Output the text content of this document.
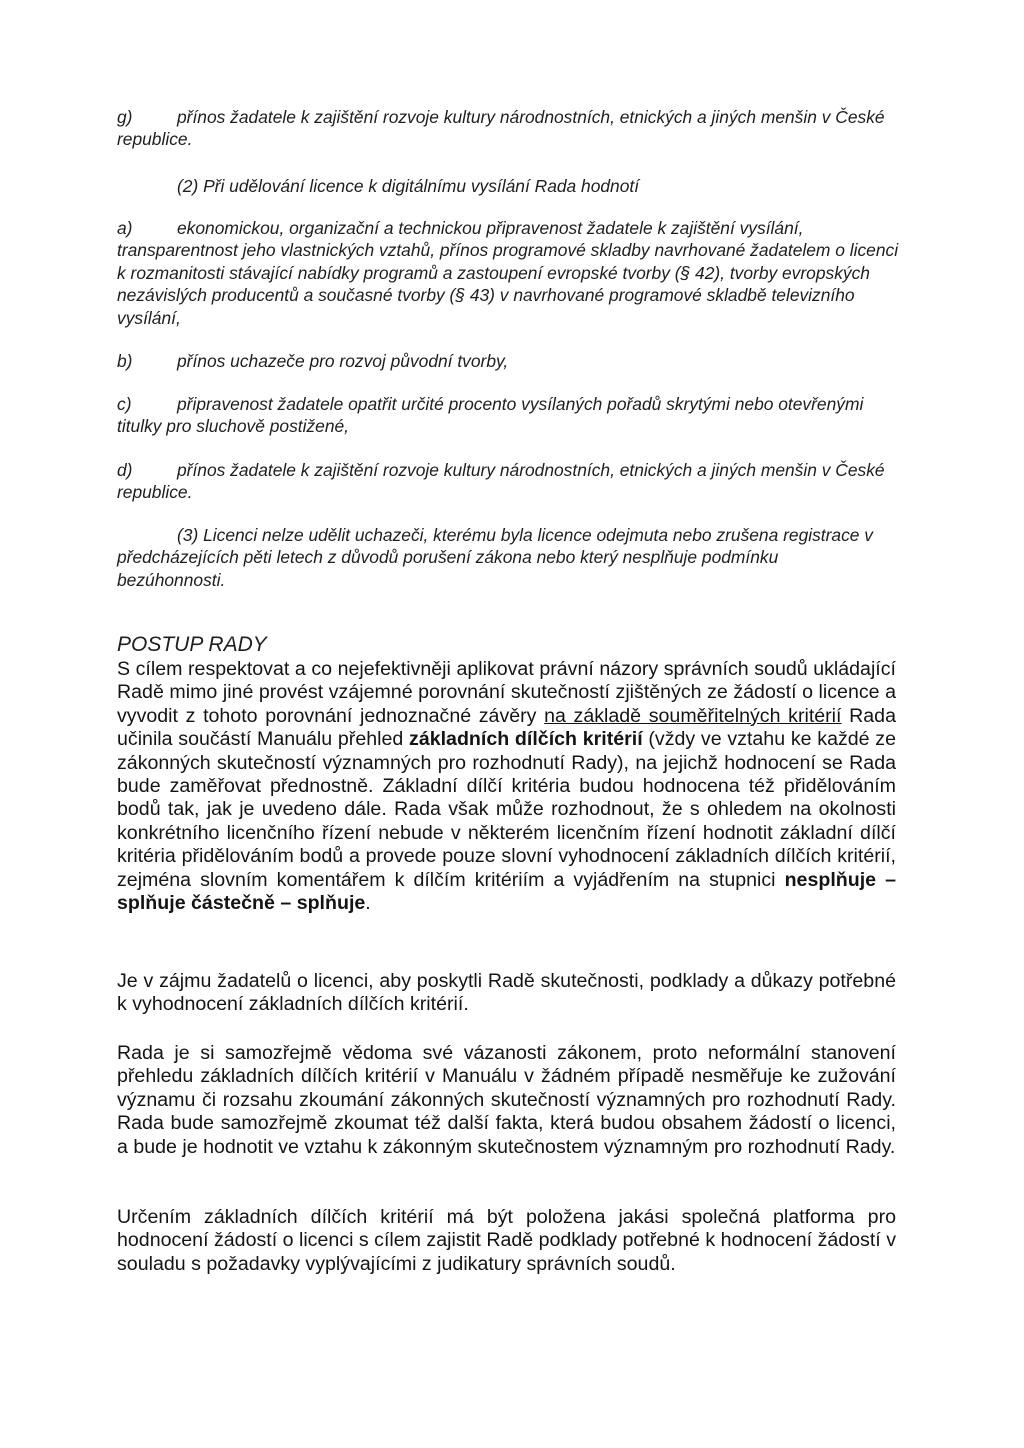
g)	přínos žadatele k zajištění rozvoje kultury národnostních, etnických a jiných menšin v České republice.
(2) Při udělování licence k digitálnímu vysílání Rada hodnotí
a)	ekonomickou, organizační a technickou připravenost žadatele k zajištění vysílání, transparentnost jeho vlastnických vztahů, přínos programové skladby navrhované žadatelem o licenci k rozmanitosti stávající nabídky programů a zastoupení evropské tvorby (§ 42), tvorby evropských nezávislých producentů a současné tvorby (§ 43) v navrhované programové skladbě televizního vysílání,
b)	přínos uchazeče pro rozvoj původní tvorby,
c)	připravenost žadatele opatřit určité procento vysílaných pořadů skrytými nebo otevřenými titulky pro sluchově postižené,
d)	přínos žadatele k zajištění rozvoje kultury národnostních, etnických a jiných menšin v České republice.
(3) Licenci nelze udělit uchazeči, kterému byla licence odejmuta nebo zrušena registrace v předcházejících pěti letech z důvodů porušení zákona nebo který nesplňuje podmínku bezúhonnosti.
POSTUP RADY

S cílem respektovat a co nejefektivněji aplikovat právní názory správních soudů ukládající Radě mimo jiné provést vzájemné porovnání skutečností zjištěných ze žádostí o licence a vyvodit z tohoto porovnání jednoznačné závěry na základě souměřitelných kritérií Rada učinila součástí Manuálu přehled základních dílčích kritérií (vždy ve vztahu ke každé ze zákonných skutečností významných pro rozhodnutí Rady), na jejichž hodnocení se Rada bude zaměřovat přednostně. Základní dílčí kritéria budou hodnocena též přidělováním bodů tak, jak je uvedeno dále. Rada však může rozhodnout, že s ohledem na okolnosti konkrétního licenčního řízení nebude v některém licenčním řízení hodnotit základní dílčí kritéria přidělováním bodů a provede pouze slovní vyhodnocení základních dílčích kritérií, zejména slovním komentářem k dílčím kritériím a vyjádřením na stupnici nesplňuje – splňuje částečně – splňuje.

Je v zájmu žadatelů o licenci, aby poskytli Radě skutečnosti, podklady a důkazy potřebné k vyhodnocení základních dílčích kritérií.

Rada je si samozřejmě vědoma své vázanosti zákonem, proto neformální stanovení přehledu základních dílčích kritérií v Manuálu v žádném případě nesměřuje ke zužování významu či rozsahu zkoumání zákonných skutečností významných pro rozhodnutí Rady. Rada bude samozřejmě zkoumat též další fakta, která budou obsahem žádostí o licenci, a bude je hodnotit ve vztahu k zákonným skutečnostem významným pro rozhodnutí Rady.

Určením základních dílčích kritérií má být položena jakási společná platforma pro hodnocení žádostí o licenci s cílem zajistit Radě podklady potřebné k hodnocení žádostí v souladu s požadavky vyplývajícími z judikatury správních soudů.
